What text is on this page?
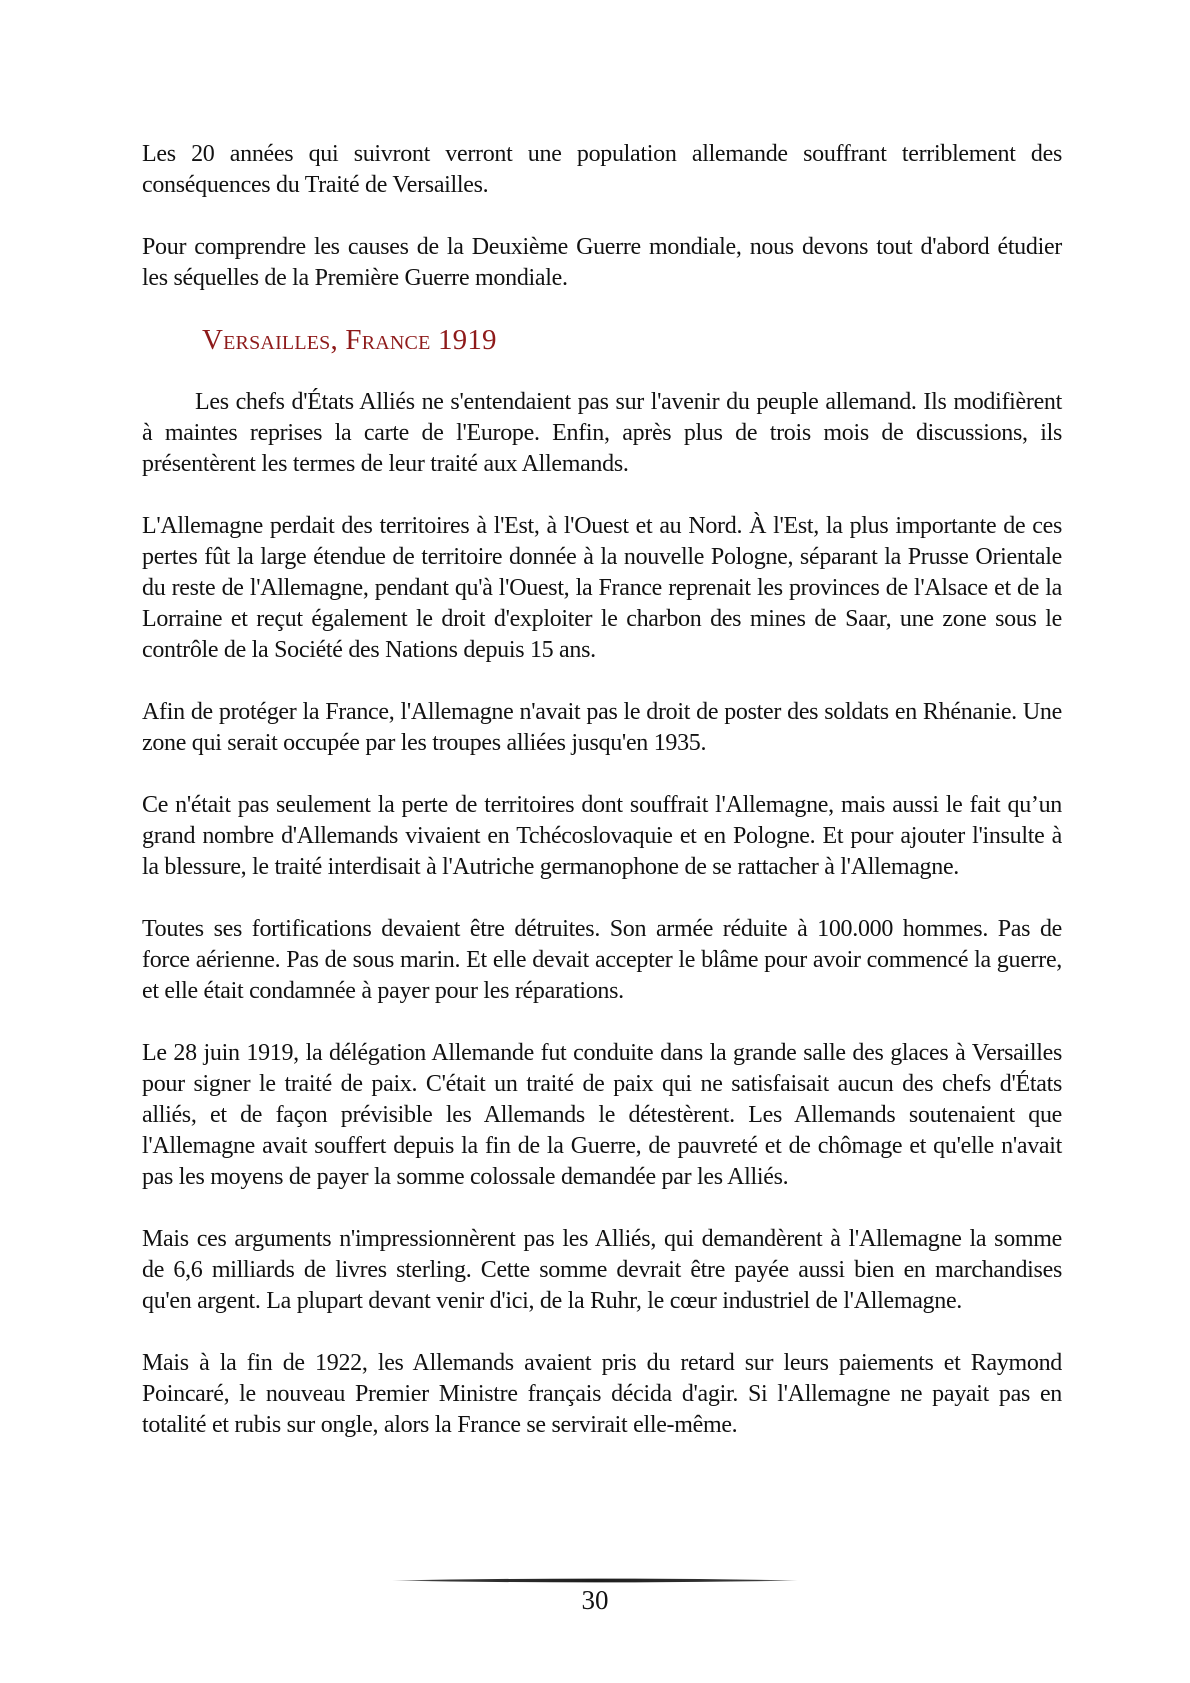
Les 20 années qui suivront verront une population allemande souffrant terriblement des conséquences du Traité de Versailles.

Pour comprendre les causes de la Deuxième Guerre mondiale, nous devons tout d'abord étudier les séquelles de la Première Guerre mondiale.

Versailles, France 1919

Les chefs d'États Alliés ne s'entendaient pas sur l'avenir du peuple allemand. Ils modifièrent à maintes reprises la carte de l'Europe. Enfin, après plus de trois mois de discussions, ils présentèrent les termes de leur traité aux Allemands.

L'Allemagne perdait des territoires à l'Est, à l'Ouest et au Nord. À l'Est, la plus importante de ces pertes fût la large étendue de territoire donnée à la nouvelle Pologne, séparant la Prusse Orientale du reste de l'Allemagne, pendant qu'à l'Ouest, la France reprenait les provinces de l'Alsace et de la Lorraine et reçut également le droit d'exploiter le charbon des mines de Saar, une zone sous le contrôle de la Société des Nations depuis 15 ans.

Afin de protéger la France, l'Allemagne n'avait pas le droit de poster des soldats en Rhénanie. Une zone qui serait occupée par les troupes alliées jusqu'en 1935.

Ce n'était pas seulement la perte de territoires dont souffrait l'Allemagne, mais aussi le fait qu’un grand nombre d'Allemands vivaient en Tchécoslovaquie et en Pologne. Et pour ajouter l'insulte à la blessure, le traité interdisait à l'Autriche germanophone de se rattacher à l'Allemagne.

Toutes ses fortifications devaient être détruites. Son armée réduite à 100.000 hommes. Pas de force aérienne. Pas de sous marin. Et elle devait accepter le blâme pour avoir commencé la guerre, et elle était condamnée à payer pour les réparations.

Le 28 juin 1919, la délégation Allemande fut conduite dans la grande salle des glaces à Versailles pour signer le traité de paix. C'était un traité de paix qui ne satisfaisait aucun des chefs d'États alliés, et de façon prévisible les Allemands le détestèrent. Les Allemands soutenaient que l'Allemagne avait souffert depuis la fin de la Guerre, de pauvreté et de chômage et qu'elle n'avait pas les moyens de payer la somme colossale demandée par les Alliés.

Mais ces arguments n'impressionnèrent pas les Alliés, qui demandèrent à l'Allemagne la somme de 6,6 milliards de livres sterling. Cette somme devrait être payée aussi bien en marchandises qu'en argent. La plupart devant venir d'ici, de la Ruhr, le cœur industriel de l'Allemagne.

Mais à la fin de 1922, les Allemands avaient pris du retard sur leurs paiements et Raymond Poincaré, le nouveau Premier Ministre français décida d'agir. Si l'Allemagne ne payait pas en totalité et rubis sur ongle, alors la France se servirait elle-même.

30
